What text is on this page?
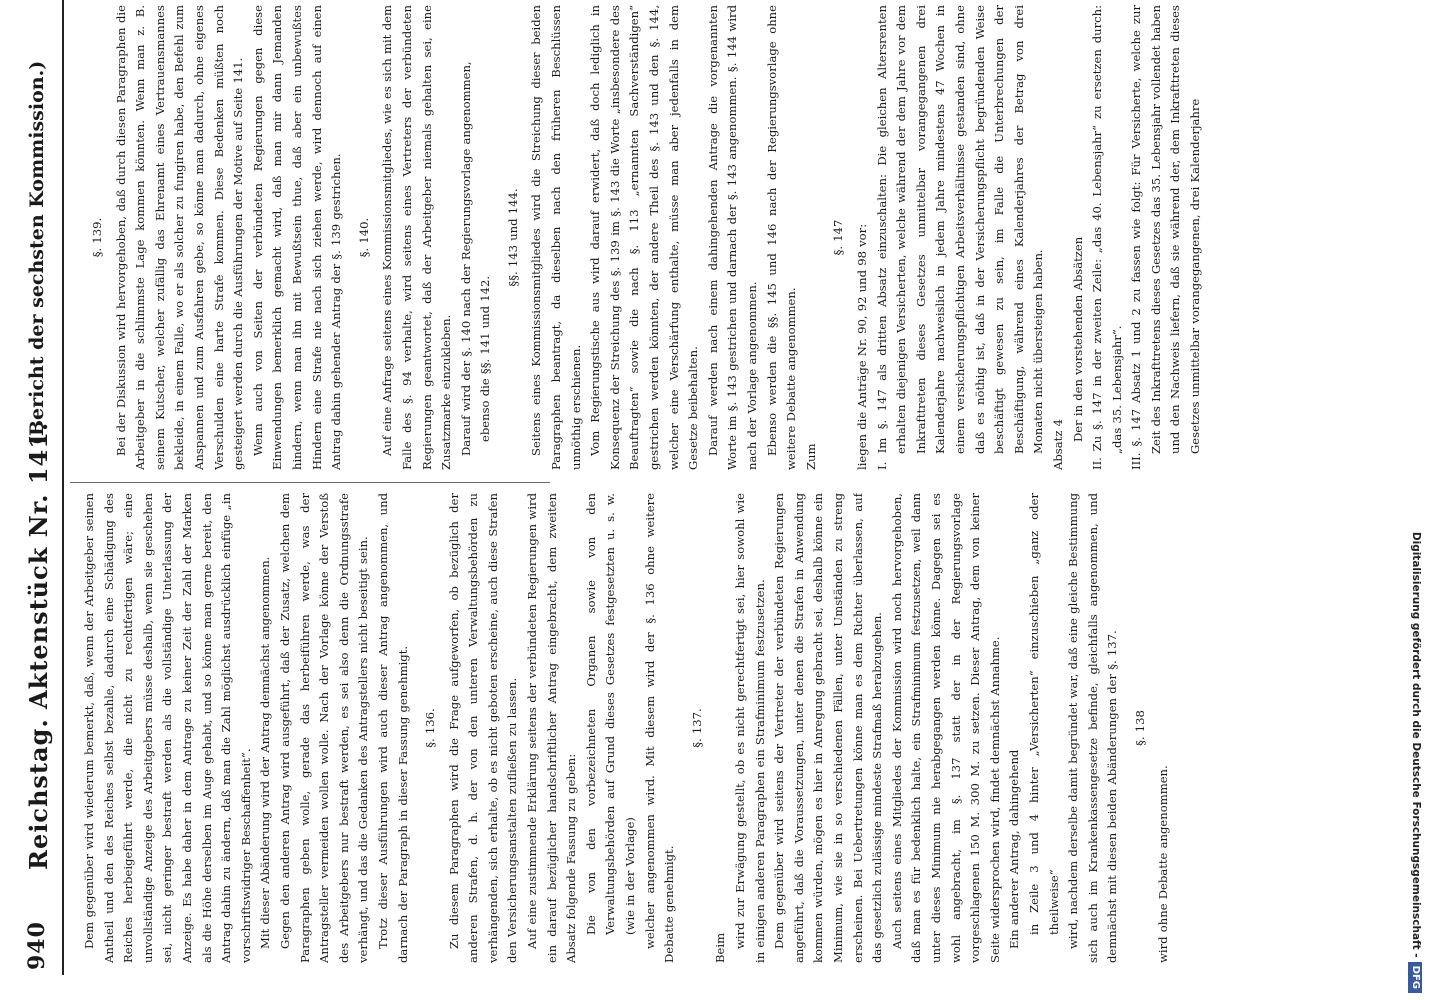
940
Reichstag. Aktenstück Nr. 141.
(Bericht der sechsten Kommission.)

Dem gegenüber wird wiederum bemerkt, daß, wenn der Arbeitgeber seinen Antheil und den des Reiches selbst bezahle, dadurch eine Schädigung des Reiches herbeigeführt werde, die nicht zu rechtfertigen wäre; eine unvollständige Anzeige des Arbeitgebers müsse deshalb, wenn sie geschehen sei, nicht geringer bestraft werden als die vollständige Unterlassung der Anzeige. Es habe daher in dem Antrage zu keiner Zeit der Zahl der Marken als die Höhe derselben im Auge gehabt, und so könne man gerne bereit, den Antrag dahin zu ändern, daß man die Zahl möglichst ausdrücklich einfüge „in vorschriftswidriger Beschaffenheit“. Mit dieser Abänderung wird der Antrag demnächst angenommen. Gegen den anderen Antrag wird ausgeführt, daß der Zusatz, welchen dem Paragraphen geben wolle, gerade das herbeiführen werde, was der Antragsteller vermeiden wollen wolle. Nach der Vorlage könne der Verstoß des Arbeitgebers nur bestraft werden, es sei also denn die Ordnungsstrafe verhängt, und das die Gedanken des Antragstellers nicht beseitigt sein. Trotz dieser Ausführungen wird auch dieser Antrag angenommen, und darnach der Paragraph in dieser Fassung genehmigt.	§. 136. Zu diesem Paragraphen wird die Frage aufgeworfen, ob bezüglich der anderen Strafen, d. h. der von den unteren Verwaltungsbehörden zu verhängenden, sich erhalte, ob es nicht geboten erscheine, auch diese Strafen den Versicherungsanstalten zufließen zu lassen. Auf eine zustimmende Erklärung seitens der verbündeten Regierungen wird ein darauf bezüglicher handschriftlicher Antrag eingebracht, dem zweiten Absatz folgende Fassung zu geben: Die von den vorbezeichneten Organen sowie von den Verwaltungsbehörden auf Grund dieses Gesetzes festgesetzten u. s. w. (wie in der Vorlage) welcher angenommen wird. Mit diesem wird der §. 136 ohne weitere Debatte genehmigt.

§. 137.

Beim wird zur Erwägung gestellt, ob es nicht gerechtfertigt sei, hier sowohl wie in einigen anderen Paragraphen ein Strafminimum festzusetzen. Dem gegenüber wird seitens der Vertreter der verbündeten Regierungen angeführt, daß die Voraussetzungen, unter denen die Strafen in Anwendung kommen würden, mögen es hier in Anregung gebracht sei, deshalb könne ein Minimum, wie sie in so verschiedenen Fällen, unter Umständen zu streng erscheinen. Bei Uebertretungen könne man es dem Richter überlassen, auf das gesetzlich zulässige mindeste Strafmaß herabzugehen. Auch seitens eines Mitgliedes der Kommission wird noch hervorgehoben, daß man es für bedenklich halte, ein Strafminimum festzusetzen, weil dann unter dieses Minimum nie herabgegangen werden könne. Dagegen sei es wohl angebracht, im §. 137 statt der in der Regierungsvorlage vorgeschlagenen 150 M. 300 M. zu setzen. Dieser Antrag, dem von keiner Seite widersprochen wird, findet demnächst Annahme. Ein anderer Antrag, dahingehend in Zeile 3 und 4 hinter „Versicherten“ einzuschieben „ganz oder theilweise“ wird, nachdem derselbe damit begründet war, daß eine gleiche Bestimmung sich auch im Krankenkassengesetze befinde, gleichfalls angenommen, und demnächst mit diesen beiden Abänderungen der §. 137.	§. 138

wird ohne Debatte angenommen.

§. 139. Bei der Diskussion wird hervorgehoben, daß durch diesen Paragraphen die Arbeitgeber in die schlimmste Lage kommen könnten. Wenn man z. B. seinem Kutscher, welcher zufällig das Ehrenamt eines Vertrauensmannes bekleide, in einem Falle, wo er als solcher zu fungiren habe, den Befehl zum Anspannen und zum Ausfahren gebe, so könne man dadurch, ohne eigenes Verschulden eine harte Strafe kommen. Diese Bedenken müßten noch gesteigert werden durch die Ausführungen der Motive auf Seite 141. Wenn auch von Seiten der verbündeten Regierungen gegen diese Einwendungen bemerklich gemacht wird, daß man mir dann Jemanden hindern, wenn man ihn mit Bewußtsein thue, daß aber ein unbewußtes Hindern eine Strafe nie nach sich ziehen werde, wird dennoch auf einen Antrag dahin gehender Antrag der §. 139 gestrichen.	§. 140. Auf eine Anfrage seitens eines Kommissionsmitgliedes, wie es sich mit dem Falle des §. 94 verhalte, wird seitens eines Vertreters der verbündeten Regierungen geantwortet, daß der Arbeitgeber niemals gehalten sei, eine Zusatzmarke einzukleben. Darauf wird der §. 140 nach der Regierungsvorlage angenommen, ebenso die §§. 141 und 142.

§§. 143 und 144. Seitens eines Kommissionsmitgliedes wird die Streichung dieser beiden Paragraphen beantragt, da dieselben nach den früheren Beschlüssen unnöthig erschienen. Vom Regierungstische aus wird darauf erwidert, daß doch lediglich in Konsequenz der Streichung des §. 139 im §. 143 die Worte „insbesondere des Beauftragten“ sowie die nach §. 113 „ernannten Sachverständigen“ gestrichen werden könnten, der andere Theil des §. 143 und den §. 144, welcher eine Verschärfung enthalte, müsse man aber jedenfalls in dem Gesetze beibehalten. Darauf werden nach einem dahingehenden Antrage die vorgenannten Worte im §. 143 gestrichen und darnach der §. 143 angenommen. §. 144 wird nach der Vorlage angenommen. Ebenso werden die §§. 145 und 146 nach der Regierungsvorlage ohne weitere Debatte angenommen. Zum

§. 147 liegen die Anträge Nr. 90, 92 und 98 vor: I. Im §. 147 als dritten Absatz einzuschalten: Die gleichen Altersrenten erhalten diejenigen Versicherten, welche während der dem Jahre vor dem Inkrafttreten dieses Gesetzes unmittelbar vorangegangenen drei Kalenderjahre nachweislich in jedem Jahre mindestens 47 Wochen in einem versicherungspflichtigen Arbeitsverhältnisse gestanden sind, ohne daß es nöthig ist, daß in der Versicherungspflicht begründenden Weise beschäftigt gewesen zu sein, im Falle die Unterbrechungen der Beschäftigung, während eines Kalenderjahres der Betrag von drei Monaten nicht übersteigen haben. Absatz 4

Der in den vorstehenden Absätzen II. Zu §. 147 in der zweiten Zeile: „das 40. Lebensjahr“ zu ersetzen durch: „das 35. Lebensjahr“. III. §. 147 Absatz 1 und 2 zu fassen wie folgt: Für Versicherte, welche zur Zeit des Inkrafttretens dieses Gesetzes das 35. Lebensjahr vollendet haben und den Nachweis liefern, daß sie während der, dem Inkrafttreten dieses Gesetzes unmittelbar vorangegangenen, drei Kalenderjahre

Digitalisierung gefördert durch die Deutsche Forschungsgemeinschaft -DFG
